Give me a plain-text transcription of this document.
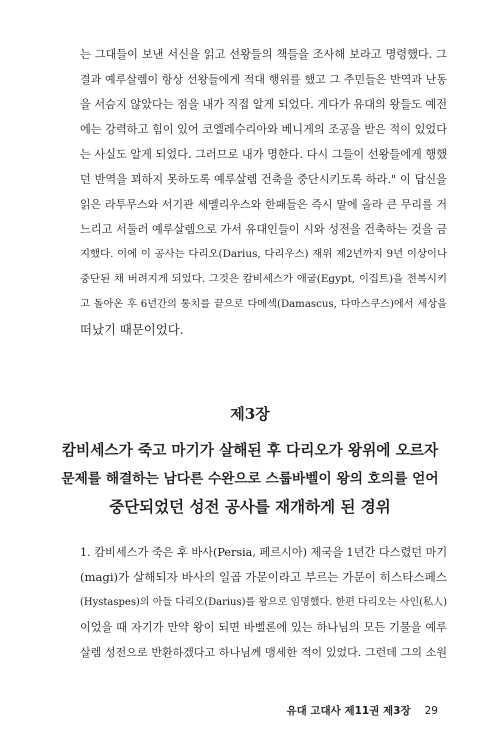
는 그대들이 보낸 서신을 읽고 선왕들의 책들을 조사해 보라고 명령했다. 그
결과 예루살렘이 항상 선왕들에게 적대 행위를 했고 그 주민들은 반역과 난동
을 서슴지 않았다는 점을 내가 직접 알게 되었다. 게다가 유대의 왕들도 예전
에는 강력하고 힘이 있어 코엘레수리아와 베니게의 조공을 받은 적이 있었다
는 사실도 알게 되었다. 그러므로 내가 명한다. 다시 그들이 선왕들에게 행했
던 반역을 꾀하지 못하도록 예루살렘 건축을 중단시키도록 하라." 이 답신을
읽은 라투무스와 서기관 세멜리우스와 한패들은 즉시 말에 올라 큰 무리를 거
느리고 서둘러 예루살렘으로 가서 유대인들이 시와 성전을 건축하는 것을 금
지했다. 이에 이 공사는 다리오(Darius, 다리우스) 재위 제2년까지 9년 이상이나
중단된 채 버려지게 되었다. 그것은 캄비세스가 애굽(Egypt, 이집트)을 전복시키
고 돌아온 후 6년간의 통치를 끝으로 다메섹(Damascus, 다마스쿠스)에서 세상을
떠났기 때문이었다.
제3장
캄비세스가 죽고 마기가 살해된 후 다리오가 왕위에 오르자
문제를 해결하는 남다른 수완으로 스룹바벨이 왕의 호의를 얻어
중단되었던 성전 공사를 재개하게 된 경위
1. 캄비세스가 죽은 후 바사(Persia, 페르시아) 제국을 1년간 다스렸던 마기
(magi)가 살해되자 바사의 일곱 가문이라고 부르는 가문이 히스타스페스
(Hystaspes)의 아들 다리오(Darius)를 왕으로 임명했다. 한편 다리오는 사인(私人)
이었을 때 자기가 만약 왕이 되면 바벨론에 있는 하나님의 모든 기물을 예루
살렘 성전으로 반환하겠다고 하나님께 맹세한 적이 있었다. 그런데 그의 소원
유대 고대사 제11권 제3장 29
